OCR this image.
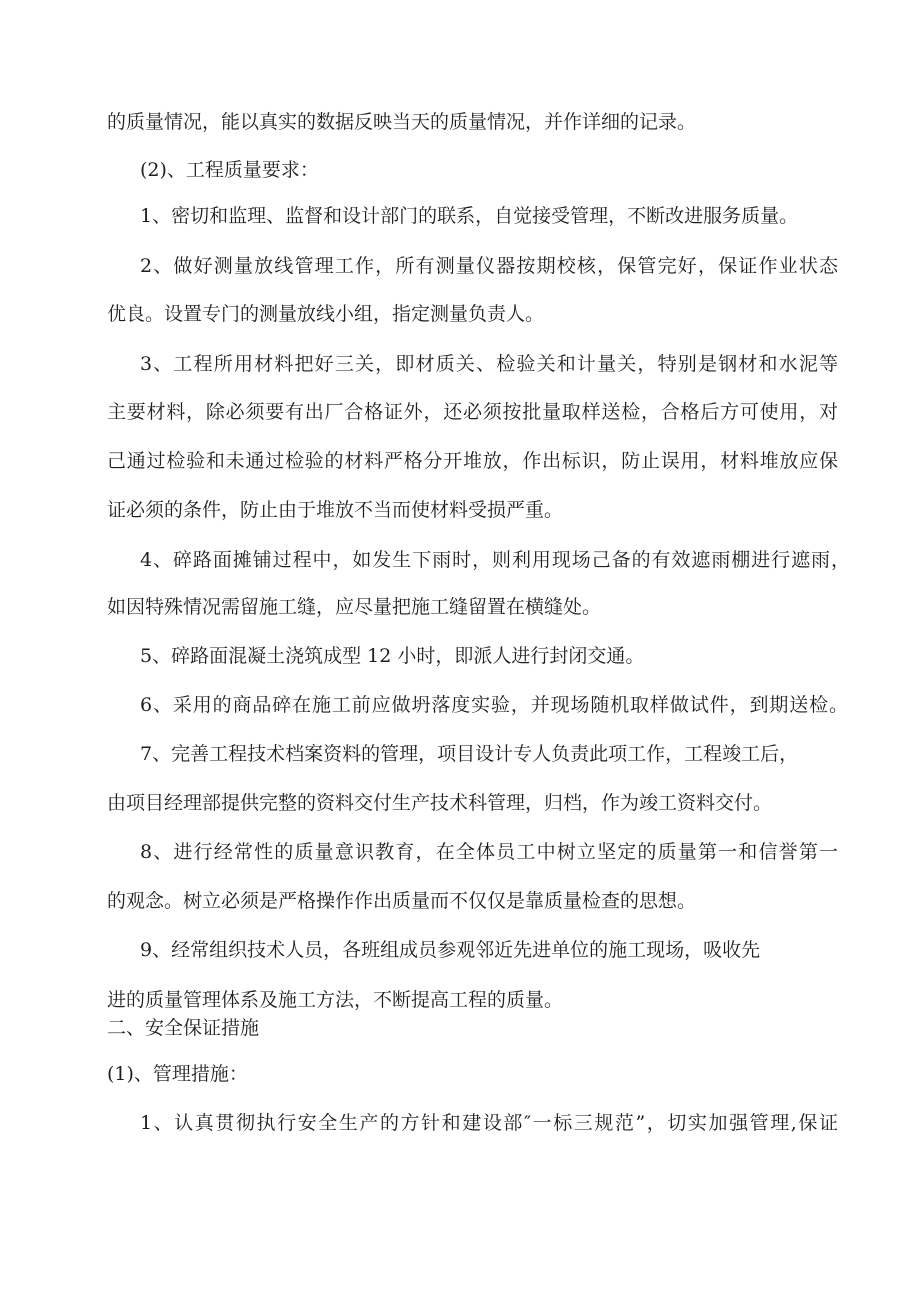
的质量情况，能以真实的数据反映当天的质量情况，并作详细的记录。
(2)、工程质量要求：
1、密切和监理、监督和设计部门的联系，自觉接受管理，不断改进服务质量。
2、做好测量放线管理工作，所有测量仪器按期校核，保管完好，保证作业状态
优良。设置专门的测量放线小组，指定测量负责人。
3、工程所用材料把好三关，即材质关、检验关和计量关，特别是钢材和水泥等
主要材料，除必须要有出厂合格证外，还必须按批量取样送检，合格后方可使用，对
己通过检验和未通过检验的材料严格分开堆放，作出标识，防止误用，材料堆放应保
证必须的条件，防止由于堆放不当而使材料受损严重。
4、碎路面摊铺过程中，如发生下雨时，则利用现场己备的有效遮雨棚进行遮雨，
如因特殊情况需留施工缝，应尽量把施工缝留置在横缝处。
5、碎路面混凝土浇筑成型 12 小时，即派人进行封闭交通。
6、采用的商品碎在施工前应做坍落度实验，并现场随机取样做试件，到期送检。
7、完善工程技术档案资料的管理，项目设计专人负责此项工作，工程竣工后，
由项目经理部提供完整的资料交付生产技术科管理，归档，作为竣工资料交付。
8、进行经常性的质量意识教育，在全体员工中树立坚定的质量第一和信誉第一
的观念。树立必须是严格操作作出质量而不仅仅是靠质量检查的思想。
9、经常组织技术人员，各班组成员参观邻近先进单位的施工现场，吸收先
进的质量管理体系及施工方法，不断提高工程的质量。
二、安全保证措施
(1)、管理措施：
1、认真贯彻执行安全生产的方针和建设部″一标三规范”，切实加强管理,保证
